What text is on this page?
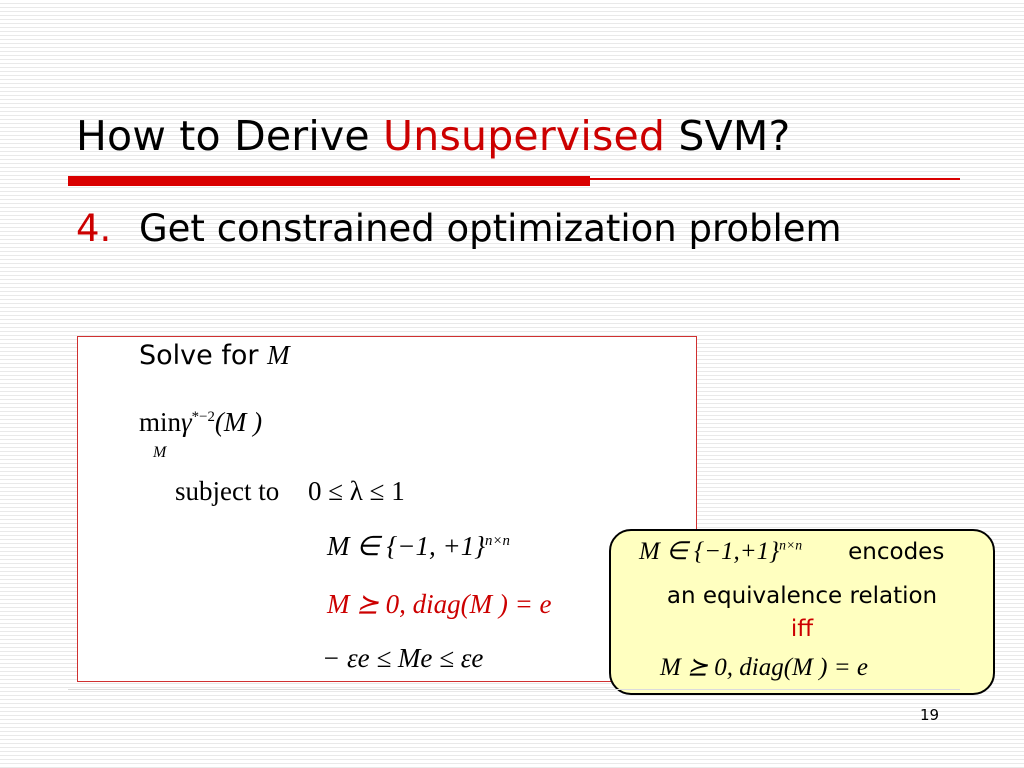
How to Derive Unsupervised SVM?
4. Get constrained optimization problem
Solve for M
minγ$^{*-2}$(M )
M
subject to 0 ≤ λ ≤ 1
M ∈ {−1, +1}$^{n\times n}$
M ⪰ 0, diag(M ) = e
− εe ≤ Me ≤ εe
M ∈ $\{-1,+1\}^{n\times n}$ encodes
an equivalence relation
iff
M ⪰ 0, diag(M ) = e
19
